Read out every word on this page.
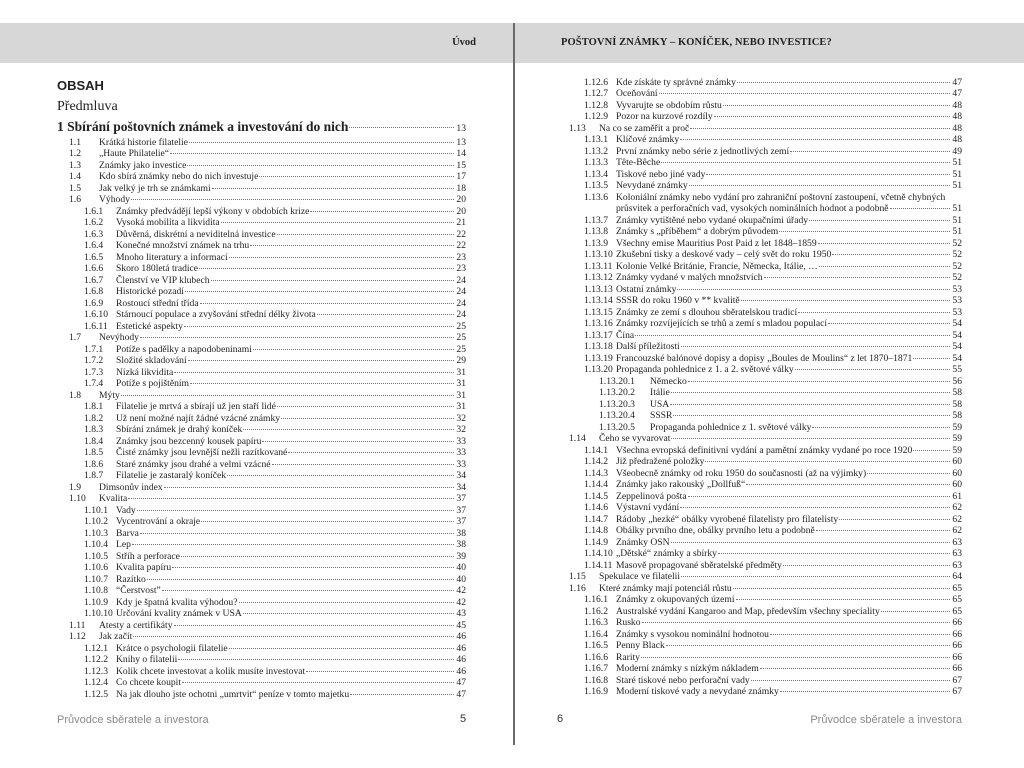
Úvod	POŠTOVNÍ ZNÁMKY – KONÍČEK, NEBO INVESTICE?
OBSAH
Předmluva
1 Sbírání poštovních známek a investování do nich	13
1.1	Krátká historie filatelie	13
1.2	„Haute Philatelie“	14
1.3	Známky jako investice	15
1.4	Kdo sbírá známky nebo do nich investuje	17
1.5	Jak velký je trh se známkami	18
1.6	Výhody	20
1.6.1	Známky předvádějí lepší výkony v obdobích krize	20
1.6.2	Vysoká mobilita a likvidita	21
1.6.3	Důvěrná, diskrétní a neviditelná investice	22
1.6.4	Konečné množství známek na trhu	22
1.6.5	Mnoho literatury a informací	23
1.6.6	Skoro 180letá tradice	23
1.6.7	Členství ve VIP klubech	24
1.6.8	Historické pozadí	24
1.6.9	Rostoucí střední třída	24
1.6.10 Stárnoucí populace a zvyšování střední délky života	24
1.6.11 Estetické aspekty	25
1.7	Nevýhody	25
1.7.1	Potíže s padělky a napodobeninami	25
1.7.2	Složité skladování	29
1.7.3	Nízká likvidita	31
1.7.4	Potíže s pojištěním	31
1.8	Mýty	31
1.8.1	Filatelie je mrtvá a sbírají už jen staří lidé	31
1.8.2	Už není možné najít žádné vzácné známky	32
1.8.3	Sbírání známek je drahý koníček	32
1.8.4	Známky jsou bezcenný kousek papíru	33
1.8.5	Čisté známky jsou levnější nežli razítkované	33
1.8.6	Staré známky jsou drahé a velmi vzácné	33
1.8.7	Filatelie je zastaralý koníček	34
1.9	Dimsonův index	34
1.10	Kvalita	37
1.10.1 Vady	37
1.10.2 Vycentrování a okraje	37
1.10.3 Barva	38
1.10.4 Lep	38
1.10.5 Stříh a perforace	39
1.10.6 Kvalita papíru	40
1.10.7 Razítko	40
1.10.8 “Čerstvost”	42
1.10.9 Kdy je špatná kvalita výhodou?	42
1.10.10 Určování kvality známek v USA	43
1.11	Atesty a certifikáty	45
1.12	Jak začít	46
1.12.1 Krátce o psychologii filatelie	46
1.12.2 Knihy o filatelii	46
1.12.3 Kolik chcete investovat a kolik musíte investovat	46
1.12.4 Co chcete koupit	47
1.12.5 Na jak dlouho jste ochotni „umrtvit“ peníze v tomto majetku	47
1.12.6 Kde získáte ty správné známky	47
1.12.7 Oceňování	47
1.12.8 Vyvarujte se obdobím růstu	48
1.12.9 Pozor na kurzové rozdíly	48
1.13	Na co se zaměřit a proč	48
1.13.1 Klíčové známky	48
1.13.2 První známky nebo série z jednotlivých zemí	49
1.13.3 Tête-Bêche	51
1.13.4 Tiskové nebo jiné vady	51
1.13.5 Nevydané známky	51
1.13.6 Koloniální známky nebo vydání pro zahraniční poštovní zastoupení, včetně chybných
průsvitek a perforačních vad, vysokých nominálních hodnot a podobně	51
1.13.7 Známky vytištěné nebo vydané okupačními úřady	51
1.13.8 Známky s „příběhem“ a dobrým původem	51
1.13.9 Všechny emise Mauritius Post Paid z let 1848–1859	52
1.13.10 Zkušební tisky a deskové vady – celý svět do roku 1950	52
1.13.11 Kolonie Velké Británie, Francie, Německa, Itálie, …	52
1.13.12 Známky vydané v malých množstvích	52
1.13.13 Ostatní známky	53
1.13.14 SSSR do roku 1960 v ** kvalitě	53
1.13.15 Známky ze zemí s dlouhou sběratelskou tradicí	53
1.13.16 Známky rozvíjejících se trhů a zemí s mladou populací	54
1.13.17 Čína	54
1.13.18 Další příležitosti	54
1.13.19 Francouzské balónové dopisy a dopisy „Boules de Moulins“ z let 1870–1871	54
1.13.20 Propaganda pohlednice z 1. a 2. světové války	55
1.13.20.1	Německo	56
1.13.20.2	Itálie	58
1.13.20.3	USA	58
1.13.20.4	SSSR	58
1.13.20.5	Propaganda pohlednice z 1. světové války	59
1.14	Čeho se vyvarovat	59
1.14.1 Všechna evropská definitivní vydání a pamětní známky vydané po roce 1920	59
1.14.2 Již předražené položky	60
1.14.3 Všeobecně známky od roku 1950 do současnosti (až na výjimky)	60
1.14.4 Známky jako rakouský „Dollfuß“	60
1.14.5 Zeppelinová pošta	61
1.14.6 Výstavní vydání	62
1.14.7 Rádoby „hezké“ obálky vyrobené filatelisty pro filatelisty	62
1.14.8 Obálky prvního dne, obálky prvního letu a podobně	62
1.14.9 Známky OSN	63
1.14.10 „Dětské“ známky a sbírky	63
1.14.11 Masově propagované sběratelské předměty	63
1.15	Spekulace ve filatelii	64
1.16	Které známky mají potenciál růstu	65
1.16.1 Známky z okupovaných území	65
1.16.2 Australské vydání Kangaroo and Map, především všechny speciality	65
1.16.3 Rusko	66
1.16.4 Známky s vysokou nominální hodnotou	66
1.16.5 Penny Black	66
1.16.6 Rarity	66
1.16.7 Moderní známky s nízkým nákladem	66
1.16.8 Staré tiskové nebo perforační vady	67
1.16.9 Moderní tiskové vady a nevydané známky	67
Průvodce sběratele a investora	5	6	Průvodce sběratele a investora
